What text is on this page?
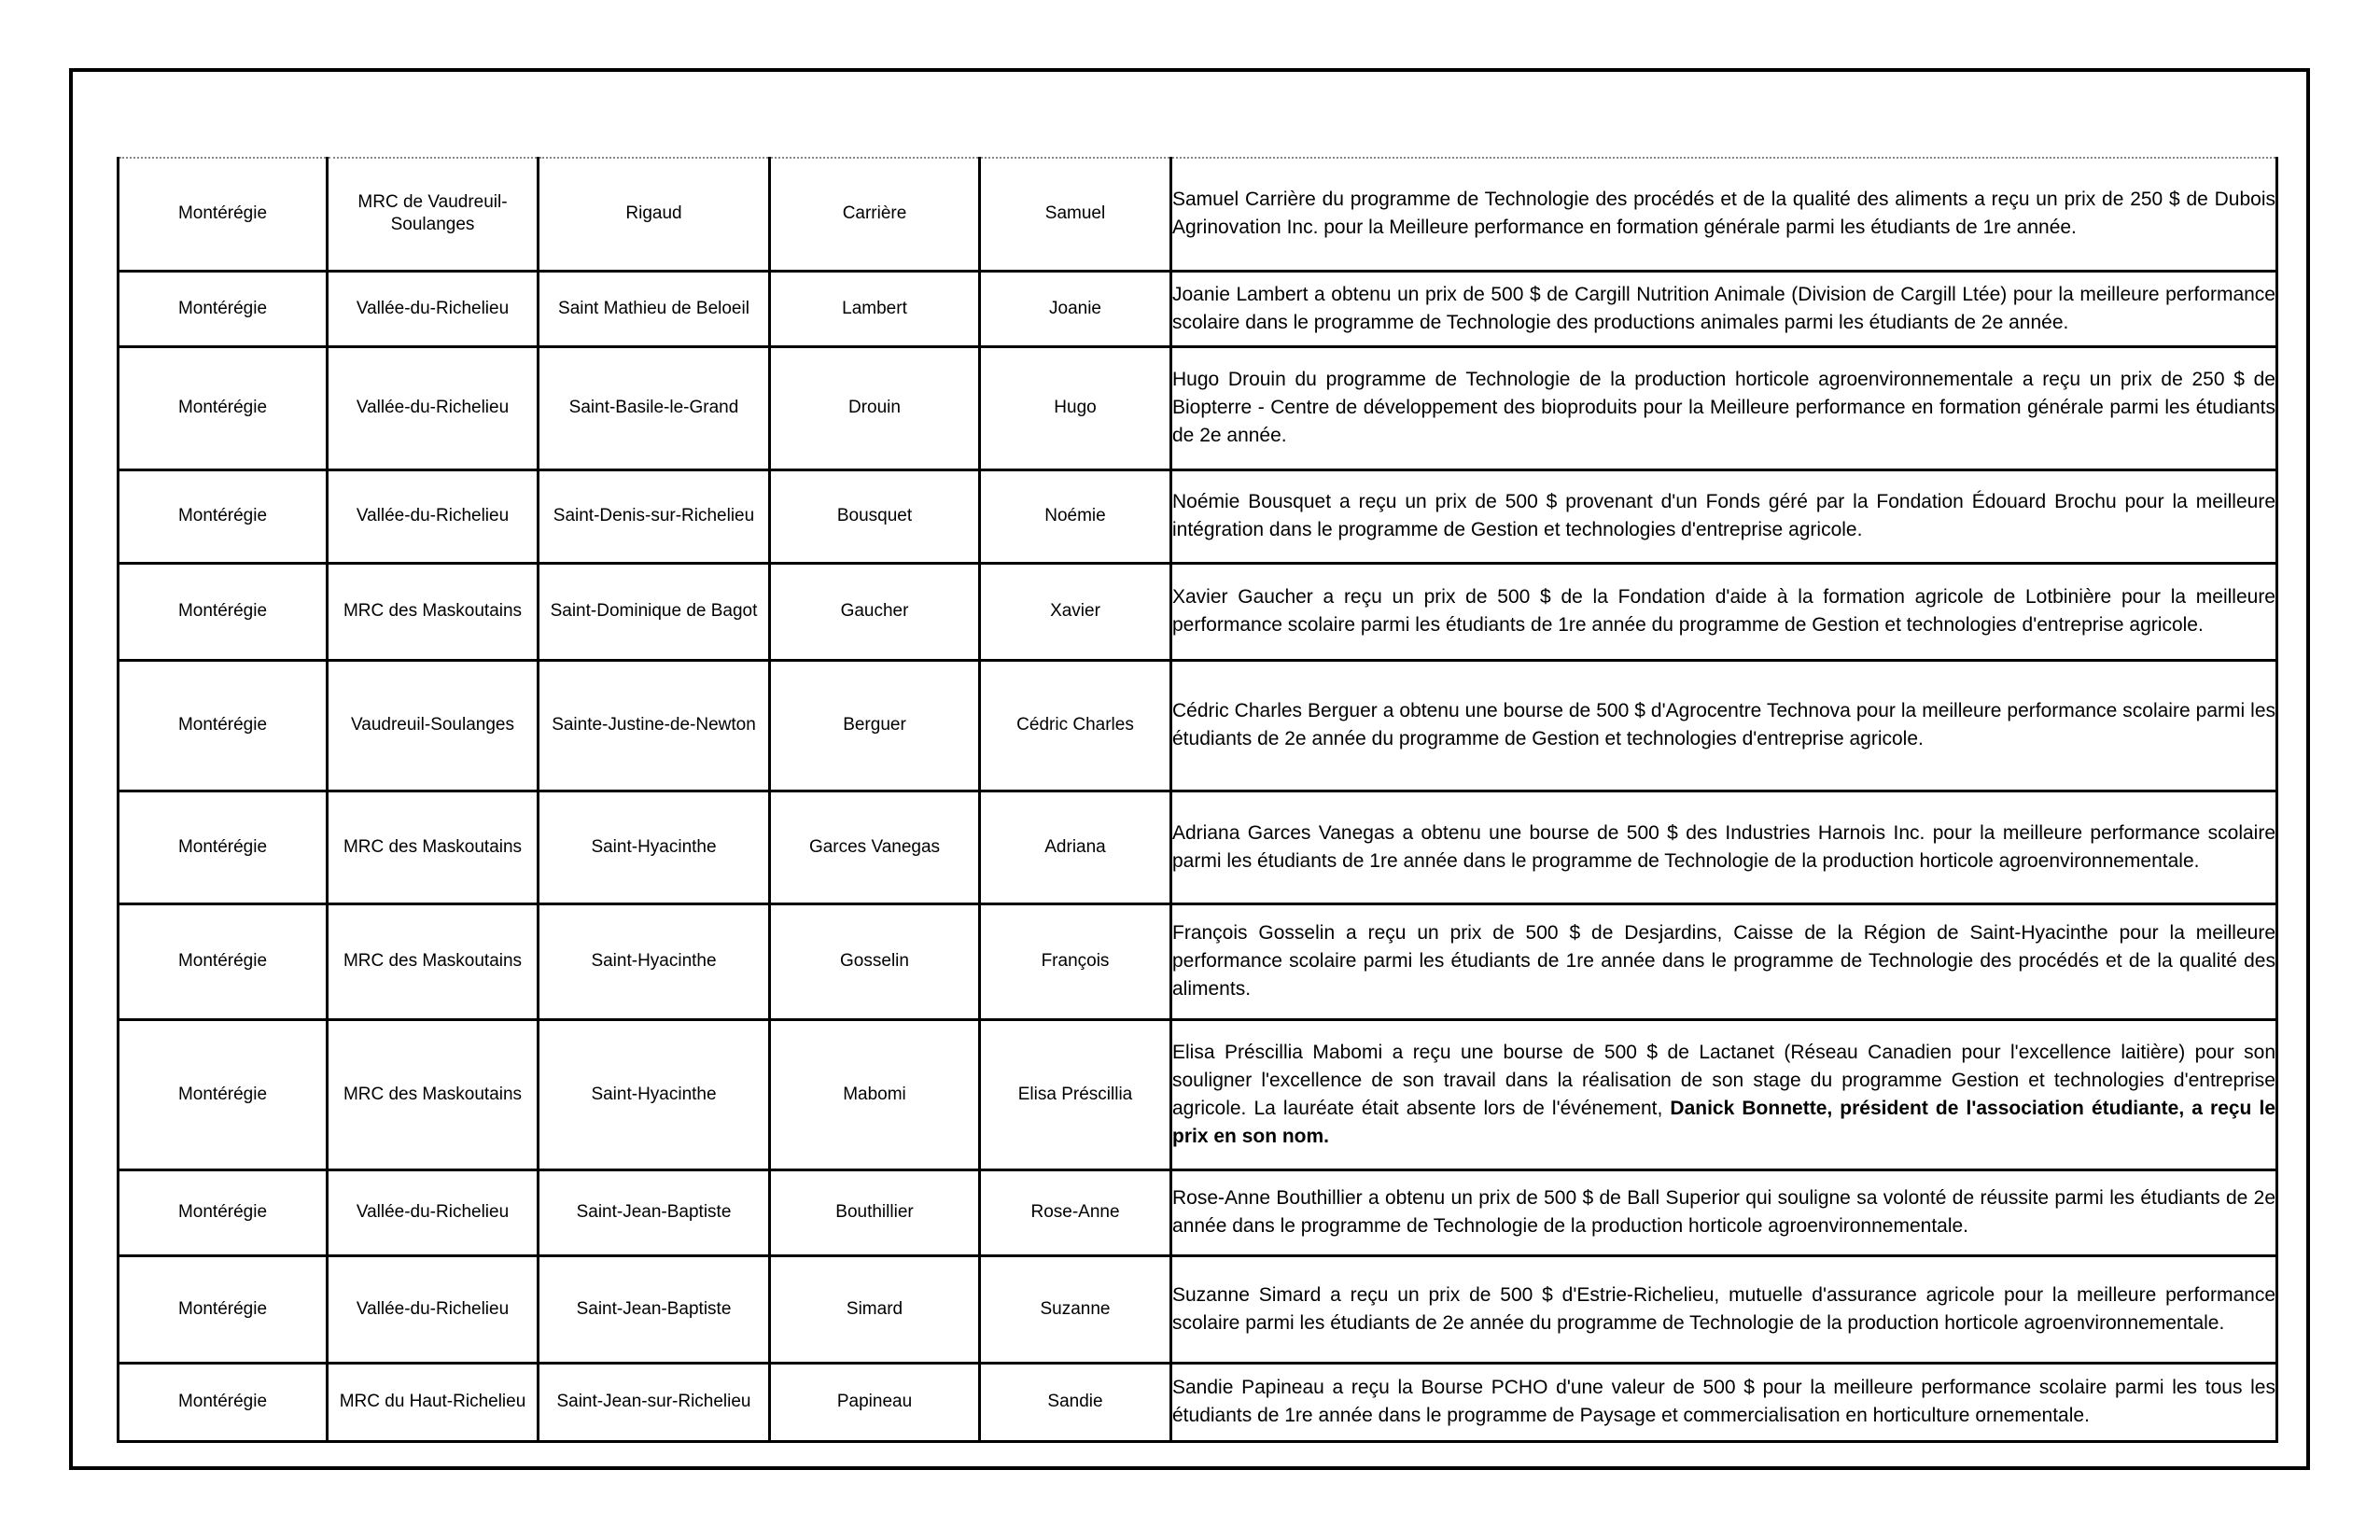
Montérégie	MRC de Vaudreuil-Soulanges	Rigaud	Carrière	Samuel	Samuel Carrière du programme de Technologie des procédés et de la qualité des aliments a reçu un prix de 250 $ de Dubois Agrinovation Inc. pour la Meilleure performance en formation générale parmi les étudiants de 1re année.
Montérégie	Vallée-du-Richelieu	Saint Mathieu de Beloeil	Lambert	Joanie	Joanie Lambert a obtenu un prix de 500 $ de Cargill Nutrition Animale (Division de Cargill Ltée) pour la meilleure performance scolaire dans le programme de Technologie des productions animales parmi les étudiants de 2e année.
Montérégie	Vallée-du-Richelieu	Saint-Basile-le-Grand	Drouin	Hugo	Hugo Drouin du programme de Technologie de la production horticole agroenvironnementale a reçu un prix de 250 $ de Biopterre - Centre de développement des bioproduits pour la Meilleure performance en formation générale parmi les étudiants de 2e année.
Montérégie	Vallée-du-Richelieu	Saint-Denis-sur-Richelieu	Bousquet	Noémie	Noémie Bousquet a reçu un prix de 500 $ provenant d'un Fonds géré par la Fondation Édouard Brochu pour la meilleure intégration dans le programme de Gestion et technologies d'entreprise agricole.
Montérégie	MRC des Maskoutains	Saint-Dominique de Bagot	Gaucher	Xavier	Xavier Gaucher a reçu un prix de 500 $ de la Fondation d'aide à la formation agricole de Lotbinière pour la meilleure performance scolaire parmi les étudiants de 1re année du programme de Gestion et technologies d'entreprise agricole.
Montérégie	Vaudreuil-Soulanges	Sainte-Justine-de-Newton	Berguer	Cédric Charles	Cédric Charles Berguer a obtenu une bourse de 500 $ d'Agrocentre Technova pour la meilleure performance scolaire parmi les étudiants de 2e année du programme de Gestion et technologies d'entreprise agricole.
Montérégie	MRC des Maskoutains	Saint-Hyacinthe	Garces Vanegas	Adriana	Adriana Garces Vanegas a obtenu une bourse de 500 $ des Industries Harnois Inc. pour la meilleure performance scolaire parmi les étudiants de 1re année dans le programme de Technologie de la production horticole agroenvironnementale.
Montérégie	MRC des Maskoutains	Saint-Hyacinthe	Gosselin	François	François Gosselin a reçu un prix de 500 $ de Desjardins, Caisse de la Région de Saint-Hyacinthe pour la meilleure performance scolaire parmi les étudiants de 1re année dans le programme de Technologie des procédés et de la qualité des aliments.
Montérégie	MRC des Maskoutains	Saint-Hyacinthe	Mabomi	Elisa Préscillia	Elisa Préscillia Mabomi a reçu une bourse de 500 $ de Lactanet (Réseau Canadien pour l'excellence laitière) pour son souligner l'excellence de son travail dans la réalisation de son stage du programme Gestion et technologies d'entreprise agricole. La lauréate était absente lors de l'événement, Danick Bonnette, président de l'association étudiante, a reçu le prix en son nom.
Montérégie	Vallée-du-Richelieu	Saint-Jean-Baptiste	Bouthillier	Rose-Anne	Rose-Anne Bouthillier a obtenu un prix de 500 $ de Ball Superior qui souligne sa volonté de réussite parmi les étudiants de 2e année dans le programme de Technologie de la production horticole agroenvironnementale.
Montérégie	Vallée-du-Richelieu	Saint-Jean-Baptiste	Simard	Suzanne	Suzanne Simard a reçu un prix de 500 $ d'Estrie-Richelieu, mutuelle d'assurance agricole pour la meilleure performance scolaire parmi les étudiants de 2e année du programme de Technologie de la production horticole agroenvironnementale.
Montérégie	MRC du Haut-Richelieu	Saint-Jean-sur-Richelieu	Papineau	Sandie	Sandie Papineau a reçu la Bourse PCHO d'une valeur de 500 $ pour la meilleure performance scolaire parmi les tous les étudiants de 1re année dans le programme de Paysage et commercialisation en horticulture ornementale.
